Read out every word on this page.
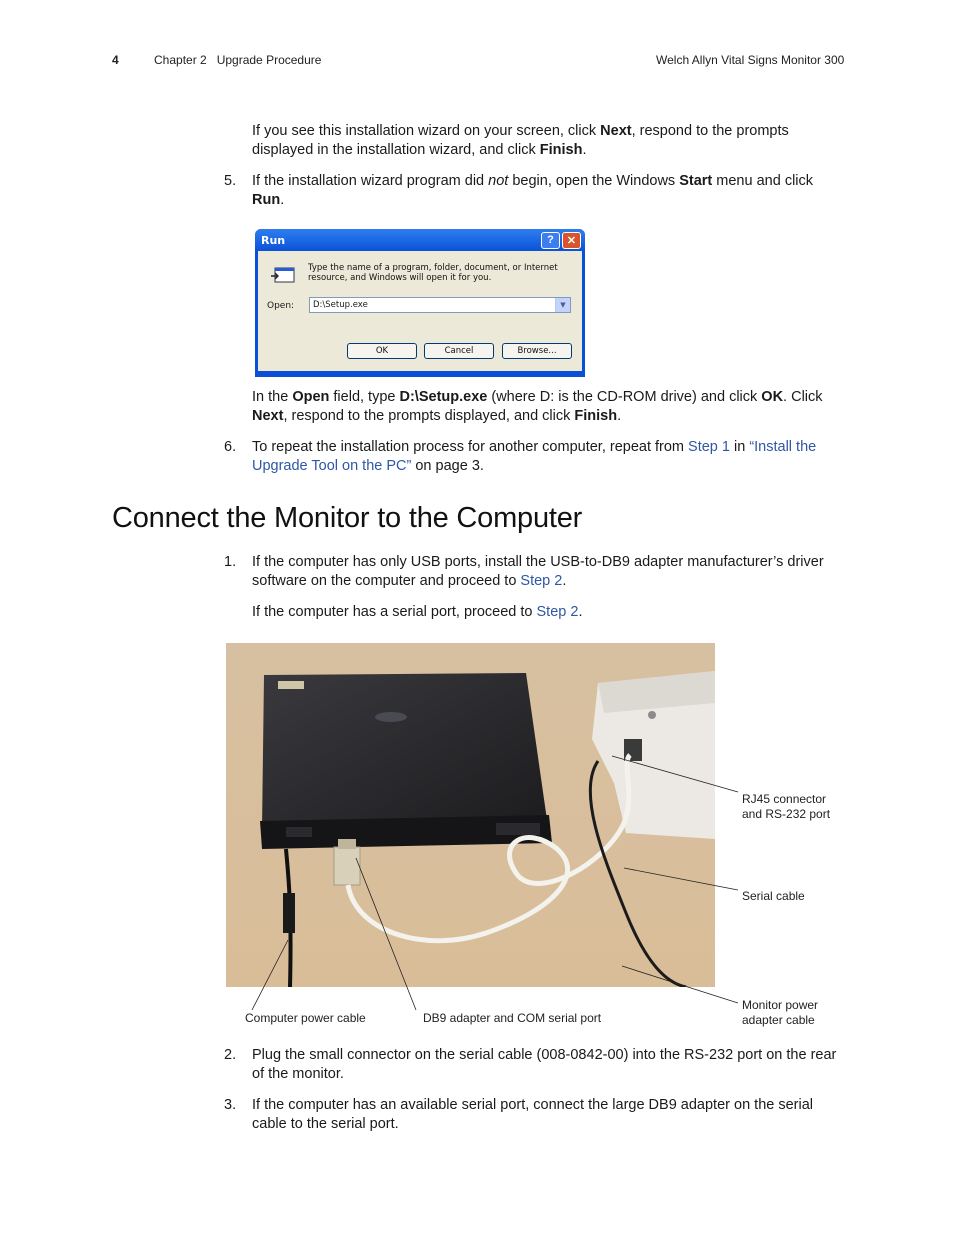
4	Chapter 2   Upgrade Procedure	Welch Allyn Vital Signs Monitor 300

If you see this installation wizard on your screen, click Next, respond to the prompts displayed in the installation wizard, and click Finish.

5. If the installation wizard program did not begin, open the Windows Start menu and click Run.

Run	?	✕
Type the name of a program, folder, document, or Internet resource, and Windows will open it for you.
Open:	D:\Setup.exe	▼
OK	Cancel	Browse...

In the Open field, type D:\Setup.exe (where D: is the CD-ROM drive) and click OK. Click Next, respond to the prompts displayed, and click Finish.

6. To repeat the installation process for another computer, repeat from Step 1 in “Install the Upgrade Tool on the PC” on page 3.

Connect the Monitor to the Computer

1. If the computer has only USB ports, install the USB-to-DB9 adapter manufacturer’s driver software on the computer and proceed to Step 2.

If the computer has a serial port, proceed to Step 2.

RJ45 connector
and RS-232 port
Serial cable
Monitor power
adapter cable
Computer power cable	DB9 adapter and COM serial port

2. Plug the small connector on the serial cable (008-0842-00) into the RS-232 port on the rear of the monitor.

3. If the computer has an available serial port, connect the large DB9 adapter on the serial cable to the serial port.
